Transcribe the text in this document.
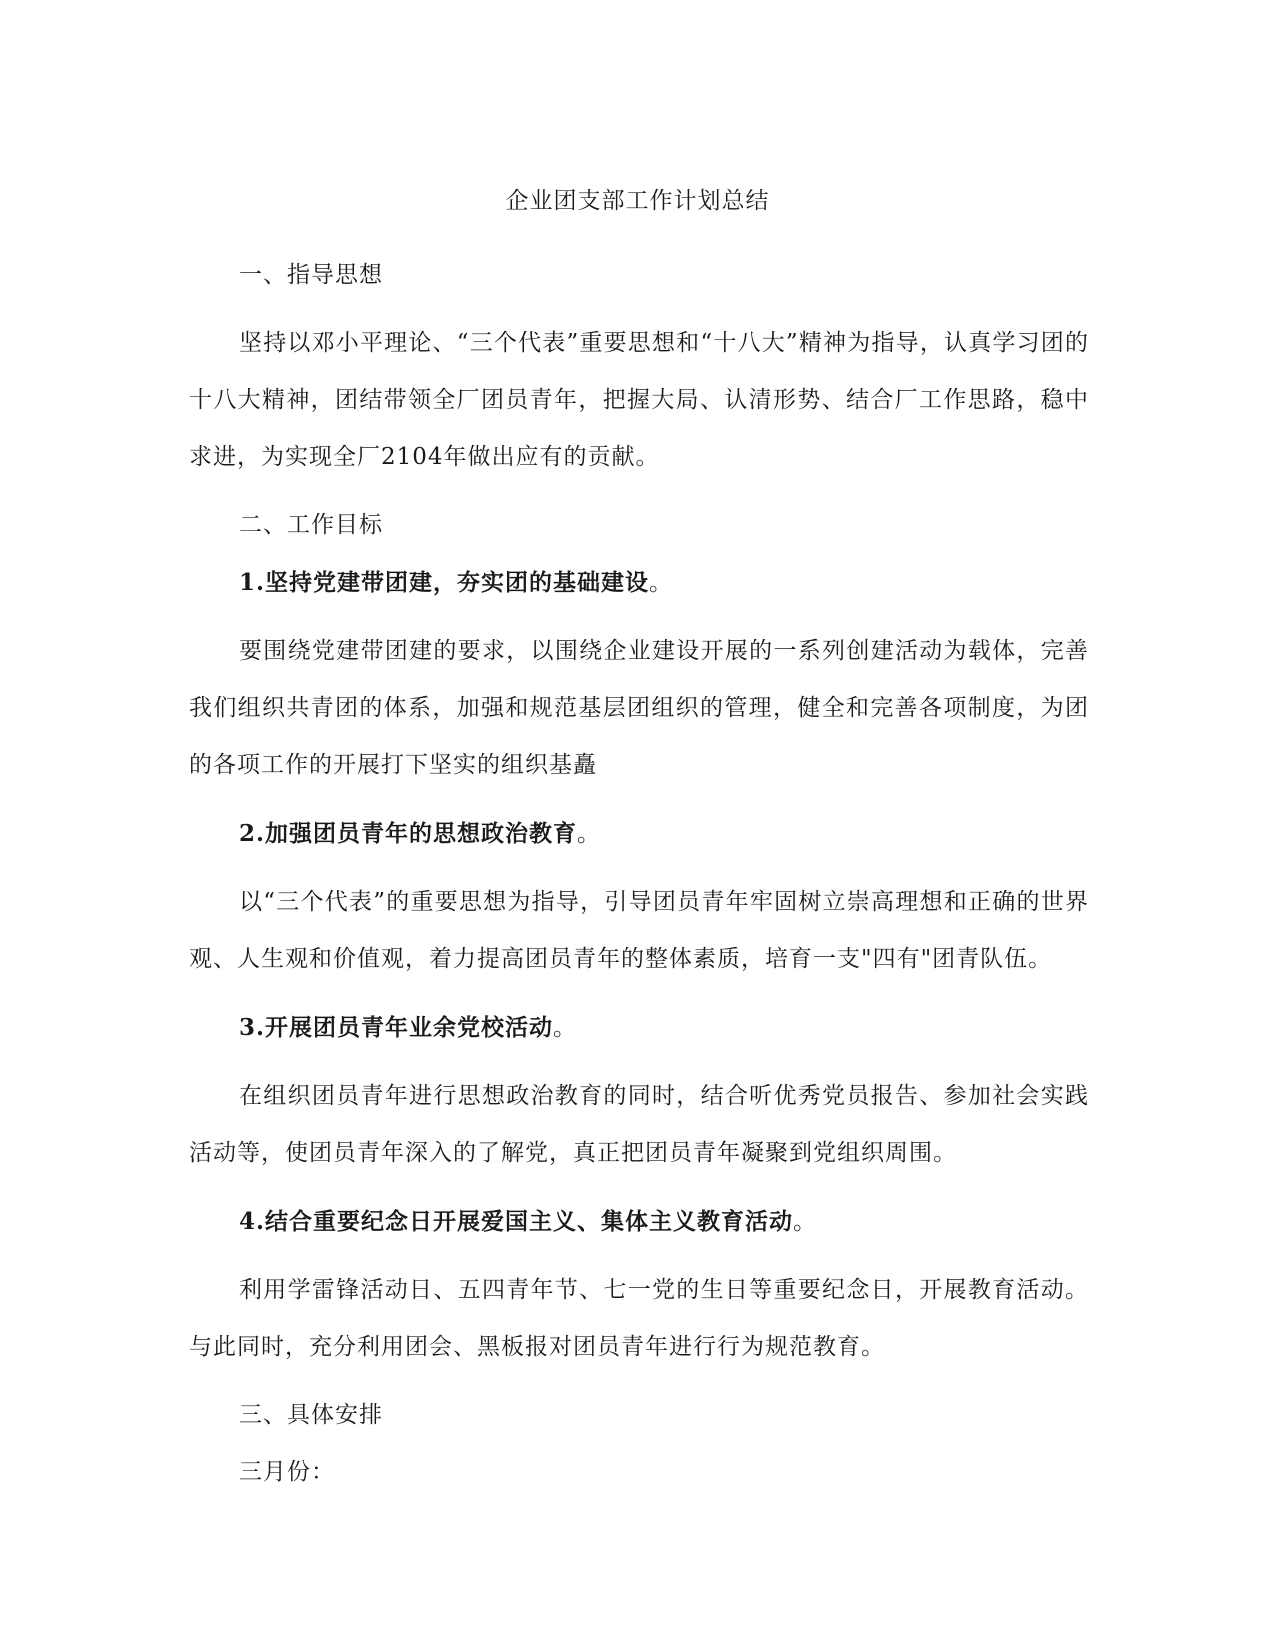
企业团支部工作计划总结
一、指导思想
坚持以邓小平理论、“三个代表”重要思想和“十八大”精神为指导，认真学习团的十八大精神，团结带领全厂团员青年，把握大局、认清形势、结合厂工作思路，稳中求进，为实现全厂2104年做出应有的贡献。
二、工作目标
1.坚持党建带团建，夯实团的基础建设。
要围绕党建带团建的要求，以围绕企业建设开展的一系列创建活动为载体，完善我们组织共青团的体系，加强和规范基层团组织的管理，健全和完善各项制度，为团的各项工作的开展打下坚实的组织基矗
2.加强团员青年的思想政治教育。
以“三个代表”的重要思想为指导，引导团员青年牢固树立崇高理想和正确的世界观、人生观和价值观，着力提高团员青年的整体素质，培育一支"四有"团青队伍。
3.开展团员青年业余党校活动。
在组织团员青年进行思想政治教育的同时，结合听优秀党员报告、参加社会实践活动等，使团员青年深入的了解党，真正把团员青年凝聚到党组织周围。
4.结合重要纪念日开展爱国主义、集体主义教育活动。
利用学雷锋活动日、五四青年节、七一党的生日等重要纪念日，开展教育活动。与此同时，充分利用团会、黑板报对团员青年进行行为规范教育。
三、具体安排
三月份：
